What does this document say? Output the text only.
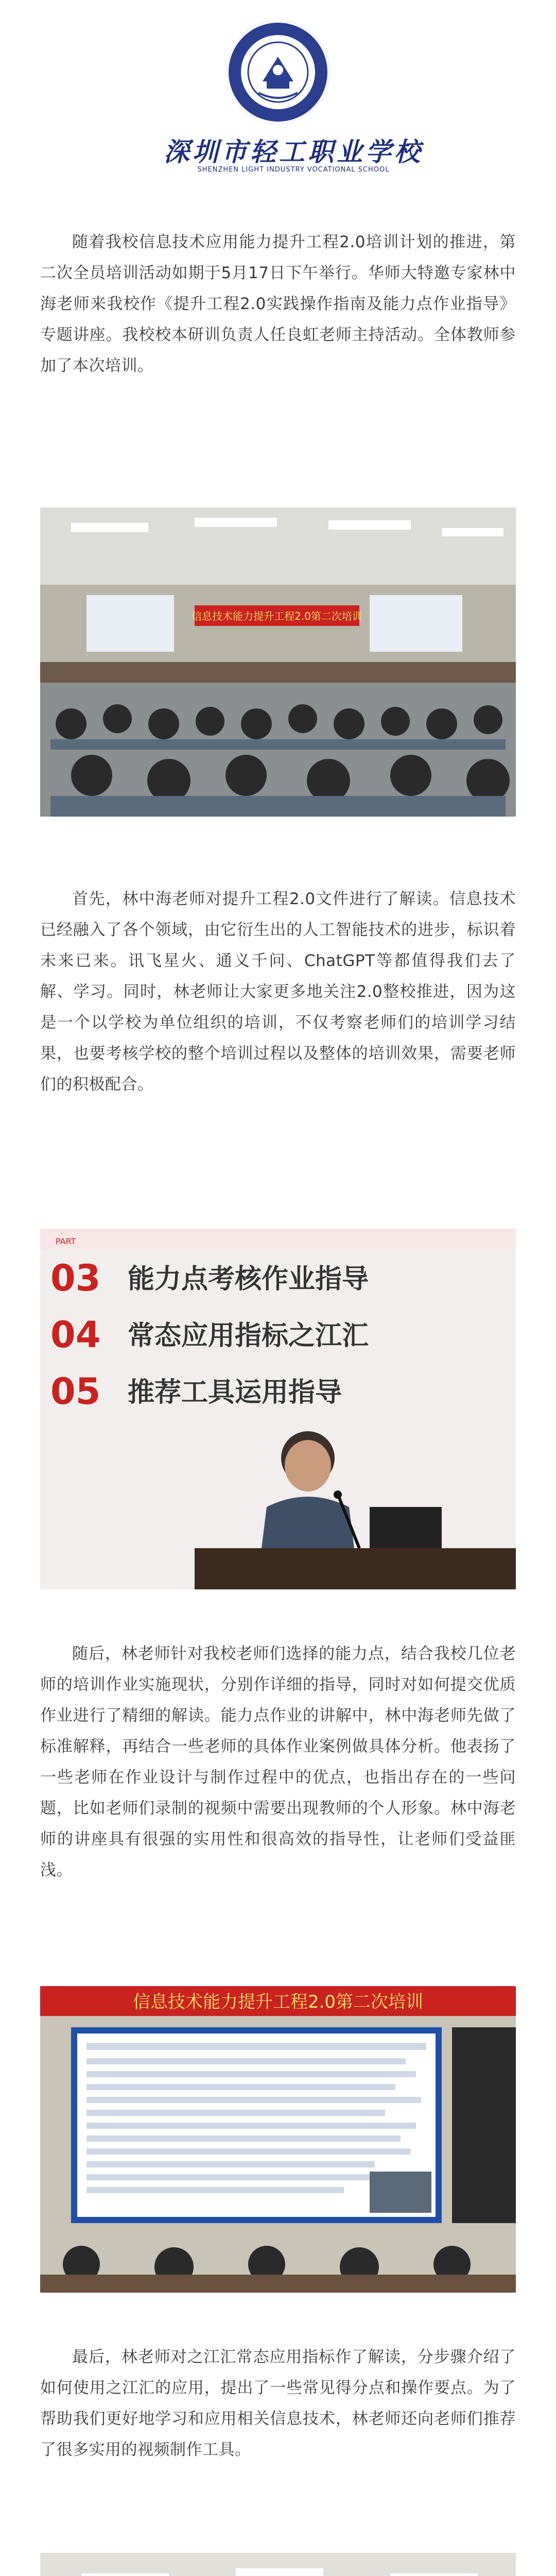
深圳市轻工职业学校
SHENZHEN LIGHT INDUSTRY VOCATIONAL SCHOOL
随着我校信息技术应用能力提升工程2.0培训计划的推进，第二次全员培训活动如期于5月17日下午举行。华师大特邀专家林中海老师来我校作《提升工程2.0实践操作指南及能力点作业指导》专题讲座。我校校本研训负责人任良虹老师主持活动。全体教师参加了本次培训。
信息技术能力提升工程2.0第二次培训
首先，林中海老师对提升工程2.0文件进行了解读。信息技术已经融入了各个领域，由它衍生出的人工智能技术的进步，标识着未来已来。讯飞星火、通义千问、ChatGPT等都值得我们去了解、学习。同时，林老师让大家更多地关注2.0整校推进，因为这是一个以学校为单位组织的培训，不仅考察老师们的培训学习结果，也要考核学校的整个培训过程以及整体的培训效果，需要老师们的积极配合。
PART
03 能力点考核作业指导
04 常态应用指标之江汇
05 推荐工具运用指导
随后，林老师针对我校老师们选择的能力点，结合我校几位老师的培训作业实施现状，分别作详细的指导，同时对如何提交优质作业进行了精细的解读。能力点作业的讲解中，林中海老师先做了标准解释，再结合一些老师的具体作业案例做具体分析。他表扬了一些老师在作业设计与制作过程中的优点，也指出存在的一些问题，比如老师们录制的视频中需要出现教师的个人形象。林中海老师的讲座具有很强的实用性和很高效的指导性，让老师们受益匪浅。
信息技术能力提升工程2.0第二次培训
最后，林老师对之江汇常态应用指标作了解读，分步骤介绍了如何使用之江汇的应用，提出了一些常见得分点和操作要点。为了帮助我们更好地学习和应用相关信息技术，林老师还向老师们推荐了很多实用的视频制作工具。
